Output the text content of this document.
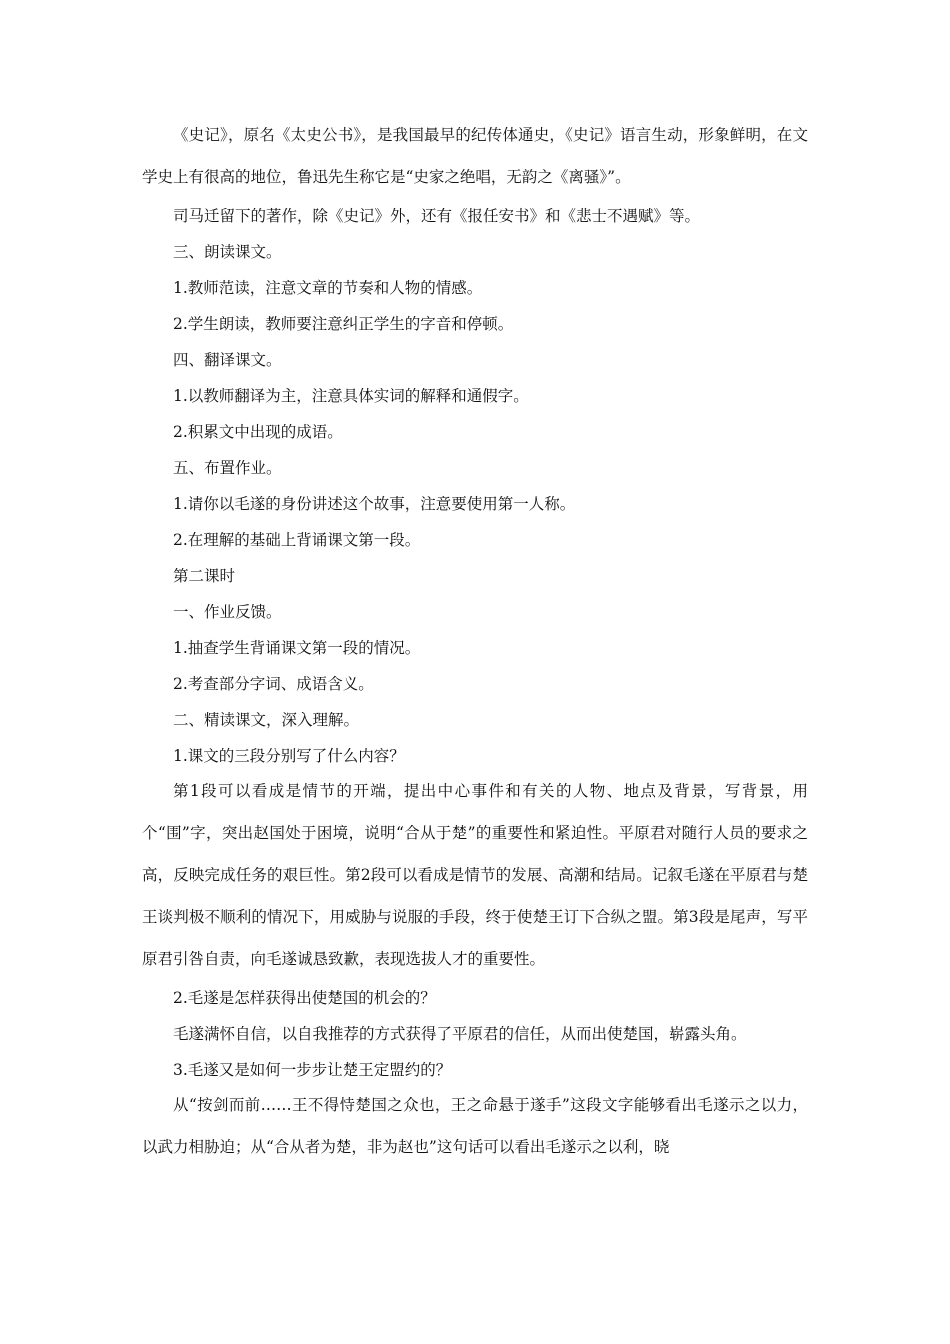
《史记》，原名《太史公书》，是我国最早的纪传体通史，《史记》语言生动，形象鲜明，在文学史上有很高的地位，鲁迅先生称它是“史家之绝唱，无韵之《离骚》”。

司马迁留下的著作，除《史记》外，还有《报任安书》和《悲士不遇赋》等。

三、朗读课文。

1.教师范读，注意文章的节奏和人物的情感。

2.学生朗读，教师要注意纠正学生的字音和停顿。

四、翻译课文。

1.以教师翻译为主，注意具体实词的解释和通假字。

2.积累文中出现的成语。

五、布置作业。

1.请你以毛遂的身份讲述这个故事，注意要使用第一人称。

2.在理解的基础上背诵课文第一段。

第二课时

一、作业反馈。

1.抽查学生背诵课文第一段的情况。

2.考查部分字词、成语含义。

二、精读课文，深入理解。

1.课文的三段分别写了什么内容？

第1段可以看成是情节的开端，提出中心事件和有关的人物、地点及背景，写背景，用个“围”字，突出赵国处于困境，说明“合从于楚”的重要性和紧迫性。平原君对随行人员的要求之高，反映完成任务的艰巨性。第2段可以看成是情节的发展、高潮和结局。记叙毛遂在平原君与楚王谈判极不顺利的情况下，用威胁与说服的手段，终于使楚王订下合纵之盟。第3段是尾声，写平原君引咎自责，向毛遂诚恳致歉，表现选拔人才的重要性。

2.毛遂是怎样获得出使楚国的机会的？

毛遂满怀自信，以自我推荐的方式获得了平原君的信任，从而出使楚国，崭露头角。

3.毛遂又是如何一步步让楚王定盟约的？

从“按剑而前……王不得恃楚国之众也，王之命悬于遂手”这段文字能够看出毛遂示之以力，以武力相胁迫；从“合从者为楚，非为赵也”这句话可以看出毛遂示之以利，晓
